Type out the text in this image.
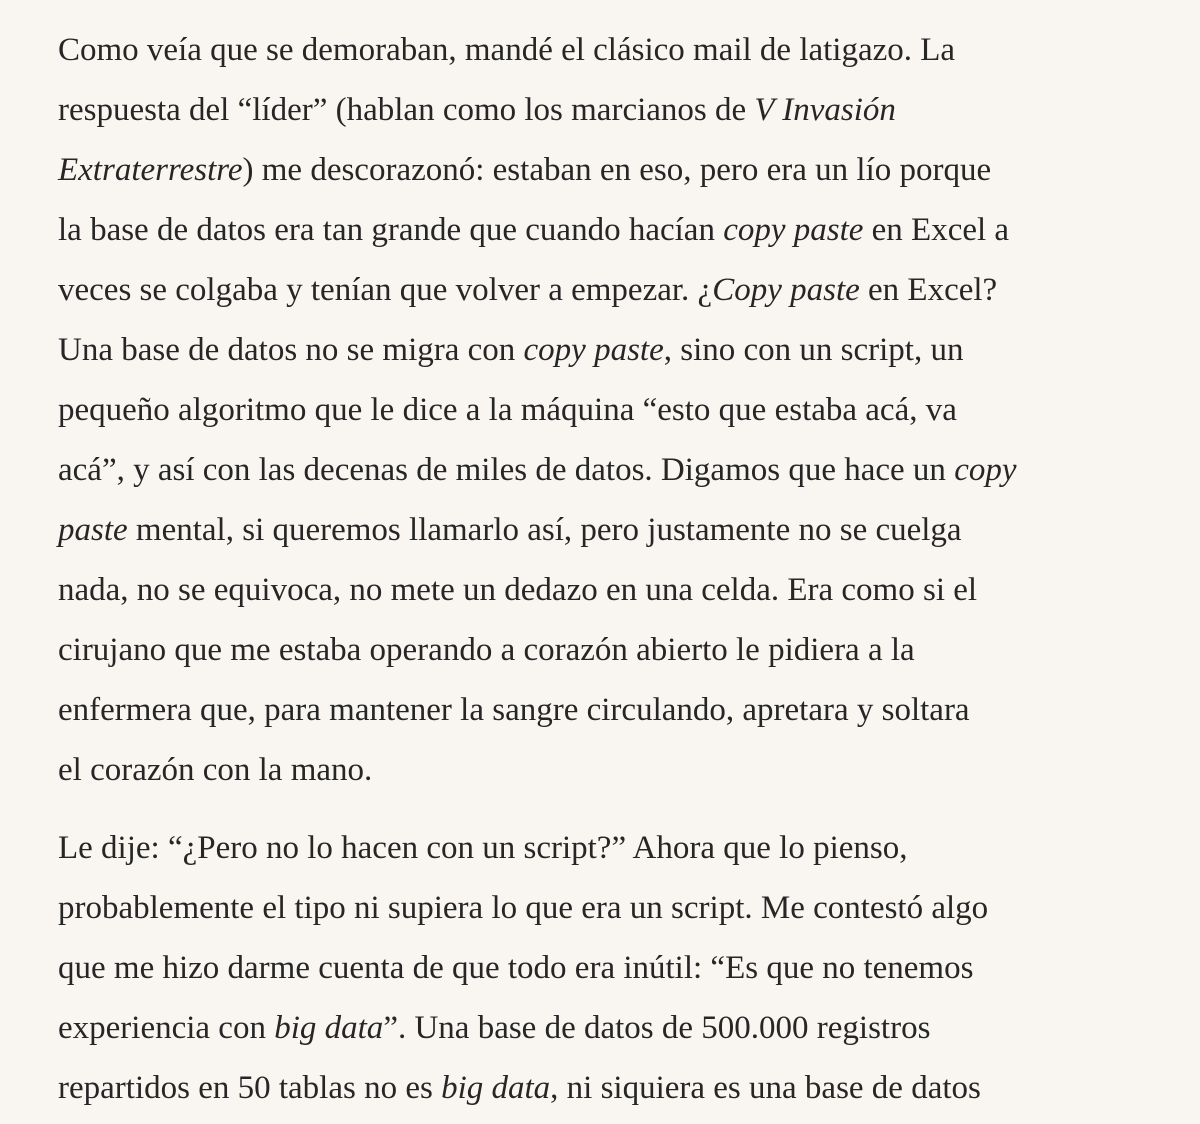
Como veía que se demoraban, mandé el clásico mail de latigazo. La
respuesta del “líder” (hablan como los marcianos de V Invasión
Extraterrestre) me descorazonó: estaban en eso, pero era un lío porque
la base de datos era tan grande que cuando hacían copy paste en Excel a
veces se colgaba y tenían que volver a empezar. ¿Copy paste en Excel?
Una base de datos no se migra con copy paste, sino con un script, un
pequeño algoritmo que le dice a la máquina “esto que estaba acá, va
acá”, y así con las decenas de miles de datos. Digamos que hace un copy
paste mental, si queremos llamarlo así, pero justamente no se cuelga
nada, no se equivoca, no mete un dedazo en una celda. Era como si el
cirujano que me estaba operando a corazón abierto le pidiera a la
enfermera que, para mantener la sangre circulando, apretara y soltara
el corazón con la mano.

Le dije: “¿Pero no lo hacen con un script?” Ahora que lo pienso,
probablemente el tipo ni supiera lo que era un script. Me contestó algo
que me hizo darme cuenta de que todo era inútil: “Es que no tenemos
experiencia con big data”. Una base de datos de 500.000 registros
repartidos en 50 tablas no es big data, ni siquiera es una base de datos
